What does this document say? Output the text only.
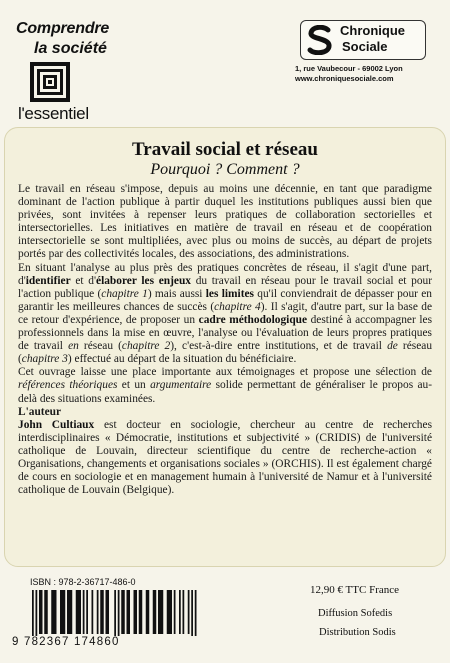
Comprendre
la société
l'essentiel
Chronique
Sociale
1, rue Vaubecour - 69002 Lyon
www.chroniquesociale.com
Travail social et réseau
Pourquoi ? Comment ?

Le travail en réseau s'impose, depuis au moins une décennie, en tant que paradigme dominant de l'action publique à partir duquel les institutions publiques aussi bien que privées, sont invitées à repenser leurs pratiques de collaboration sectorielles et intersectorielles. Les initiatives en matière de travail en réseau et de coopération intersectorielle se sont multipliées, avec plus ou moins de succès, au départ de projets portés par des collectivités locales, des associations, des administrations.

En situant l'analyse au plus près des pratiques concrètes de réseau, il s'agit d'une part, d'identifier et d'élaborer les enjeux du travail en réseau pour le travail social et pour l'action publique (chapitre 1) mais aussi les limites qu'il conviendrait de dépasser pour en garantir les meilleures chances de succès (chapitre 4). Il s'agit, d'autre part, sur la base de ce retour d'expérience, de proposer un cadre méthodologique destiné à accompagner les professionnels dans la mise en œuvre, l'analyse ou l'évaluation de leurs propres pratiques de travail en réseau (chapitre 2), c'est-à-dire entre institutions, et de travail de réseau (chapitre 3) effectué au départ de la situation du bénéficiaire.

Cet ouvrage laisse une place importante aux témoignages et propose une sélection de références théoriques et un argumentaire solide permettant de généraliser le propos au-delà des situations examinées.

L'auteur

John Cultiaux est docteur en sociologie, chercheur au centre de recherches interdisciplinaires « Démocratie, institutions et subjectivité » (CRIDIS) de l'université catholique de Louvain, directeur scientifique du centre de recherche-action « Organisations, changements et organisations sociales » (ORCHIS). Il est également chargé de cours en sociologie et en management humain à l'université de Namur et à l'université catholique de Louvain (Belgique).

ISBN : 978-2-36717-486-0
9 782367 174860
12,90 € TTC France
Diffusion Sofedis
Distribution Sodis
